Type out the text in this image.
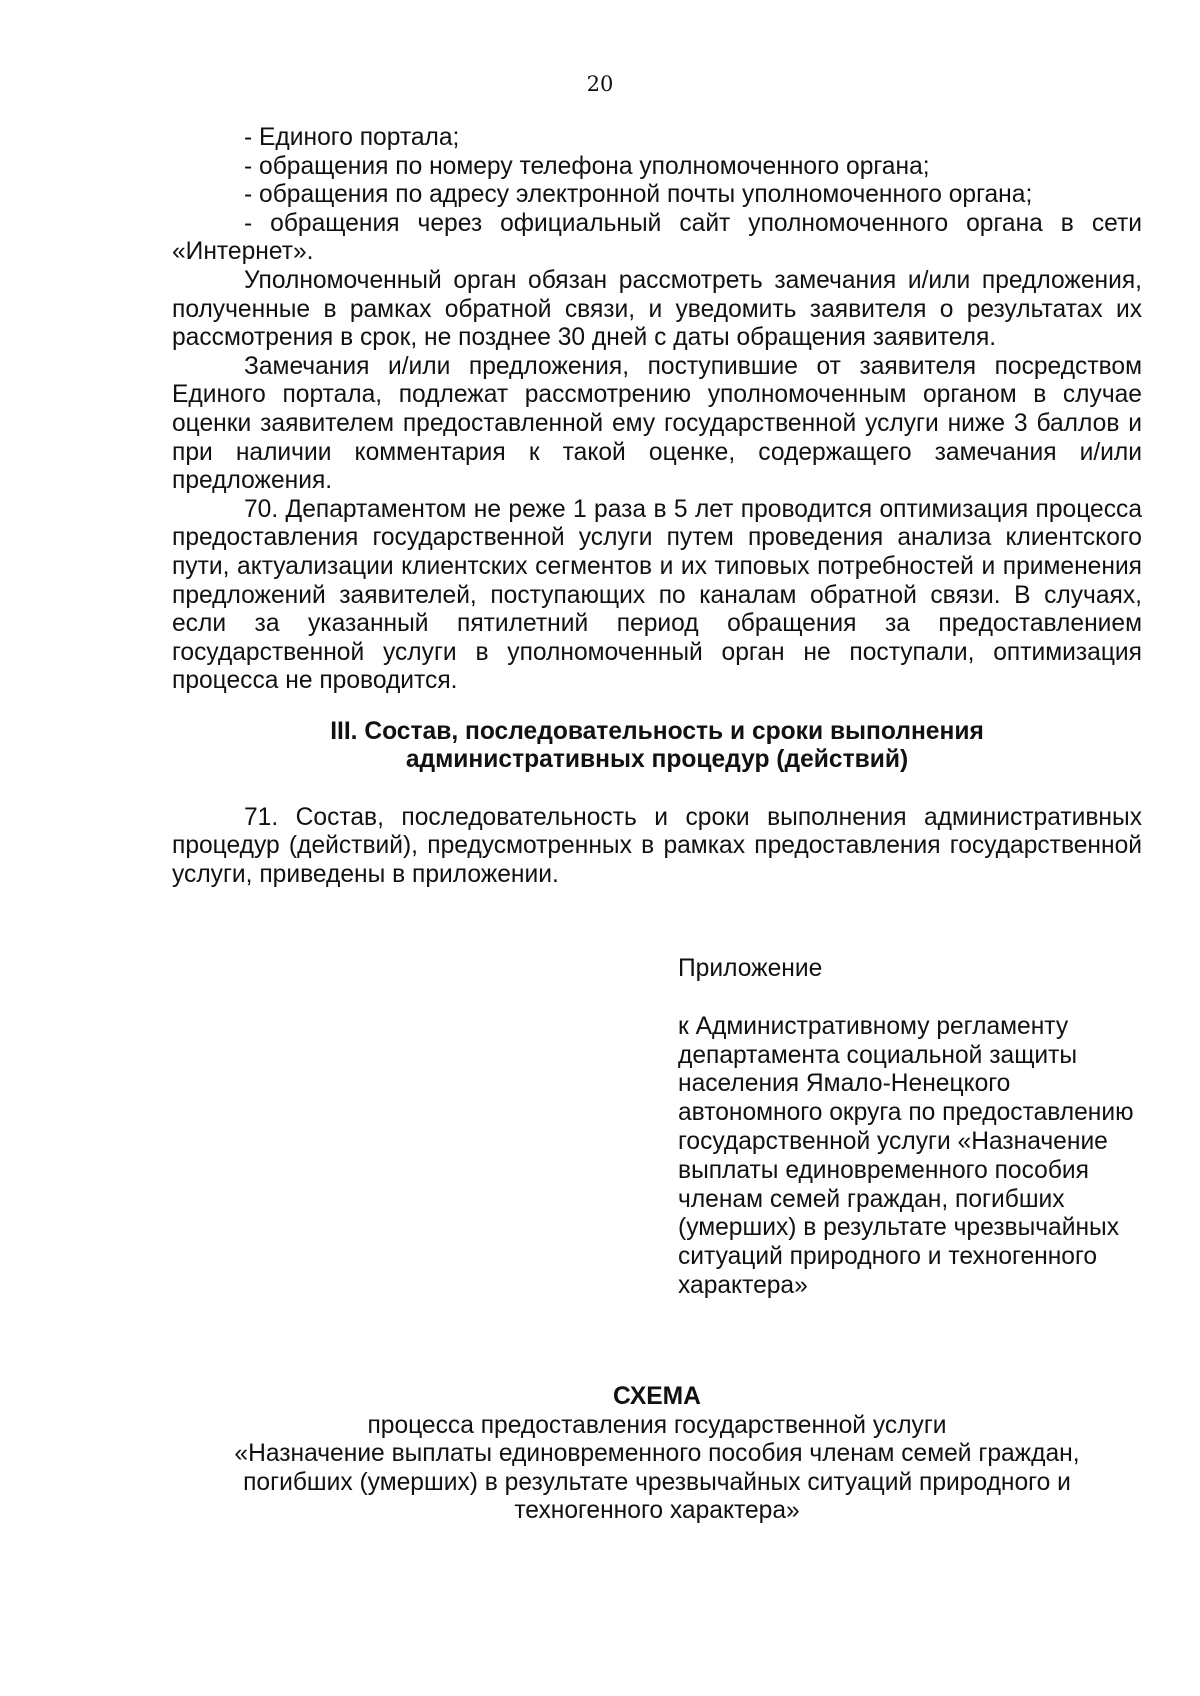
20

- Единого портала;

- обращения по номеру телефона уполномоченного органа;

- обращения по адресу электронной почты уполномоченного органа;

- обращения через официальный сайт уполномоченного органа в сети «Интернет».

Уполномоченный орган обязан рассмотреть замечания и/или предложения, полученные в рамках обратной связи, и уведомить заявителя о результатах их рассмотрения в срок, не позднее 30 дней с даты обращения заявителя.

Замечания и/или предложения, поступившие от заявителя посредством Единого портала, подлежат рассмотрению уполномоченным органом в случае оценки заявителем предоставленной ему государственной услуги ниже 3 баллов и при наличии комментария к такой оценке, содержащего замечания и/или предложения.

70. Департаментом не реже 1 раза в 5 лет проводится оптимизация процесса предоставления государственной услуги путем проведения анализа клиентского пути, актуализации клиентских сегментов и их типовых потребностей и применения предложений заявителей, поступающих по каналам обратной связи. В случаях, если за указанный пятилетний период обращения за предоставлением государственной услуги в уполномоченный орган не поступали, оптимизация процесса не проводится.

III. Состав, последовательность и сроки выполнения
административных процедур (действий)

71. Состав, последовательность и сроки выполнения административных процедур (действий), предусмотренных в рамках предоставления государственной услуги, приведены в приложении.

Приложение

к Административному регламенту департамента социальной защиты населения Ямало-Ненецкого автономного округа по предоставлению государственной услуги «Назначение выплаты единовременного пособия членам семей граждан, погибших (умерших) в результате чрезвычайных ситуаций природного и техногенного характера»

СХЕМА

процесса предоставления государственной услуги

«Назначение выплаты единовременного пособия членам семей граждан, погибших (умерших) в результате чрезвычайных ситуаций природного и техногенного характера»
